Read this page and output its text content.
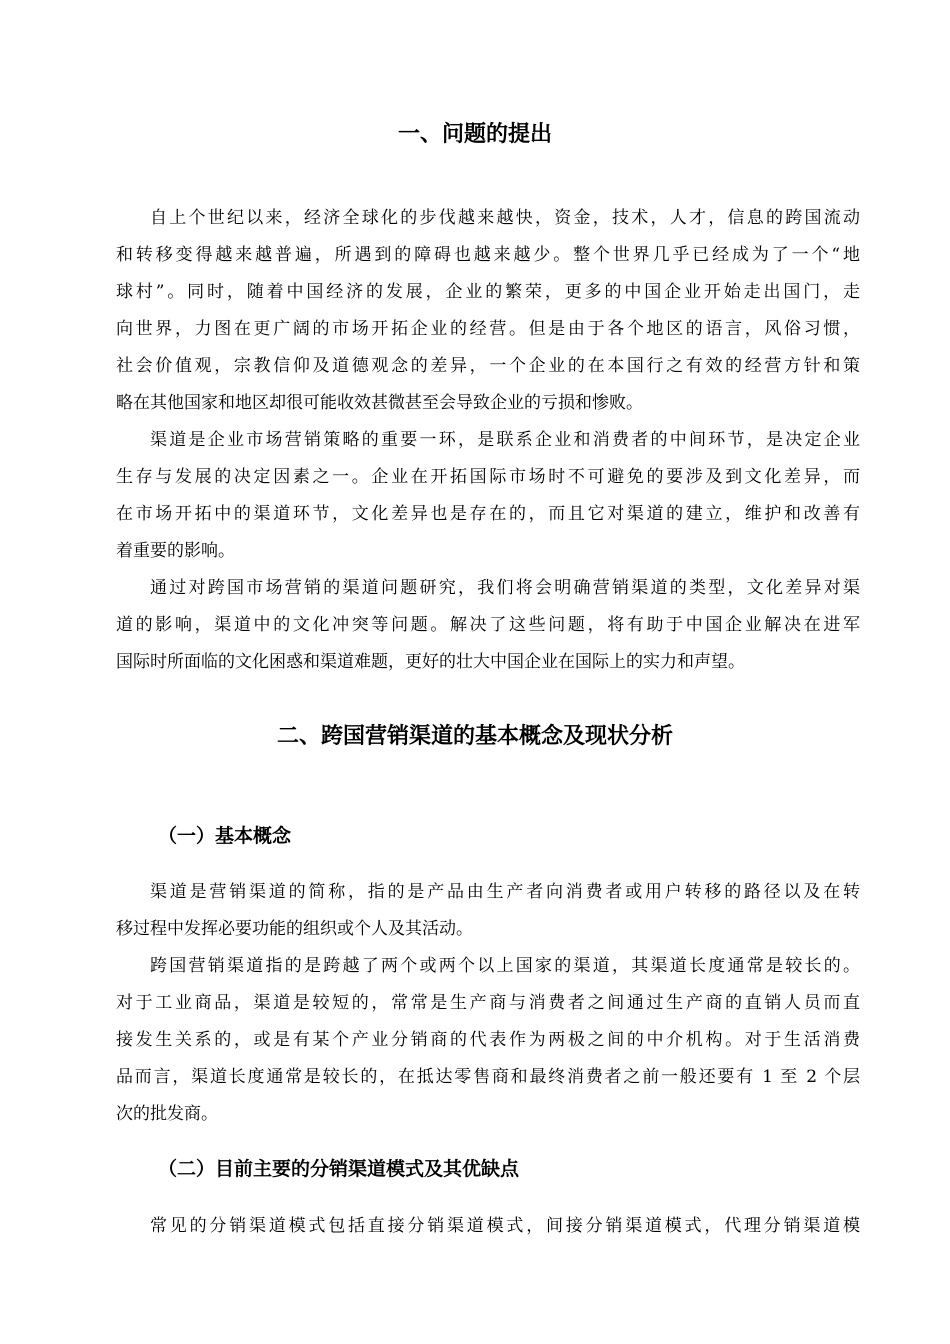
一、问题的提出
自上个世纪以来，经济全球化的步伐越来越快，资金，技术，人才，信息的跨国流动
和转移变得越来越普遍，所遇到的障碍也越来越少。整个世界几乎已经成为了一个“地
球村”。同时，随着中国经济的发展，企业的繁荣，更多的中国企业开始走出国门，走
向世界，力图在更广阔的市场开拓企业的经营。但是由于各个地区的语言，风俗习惯，
社会价值观，宗教信仰及道德观念的差异，一个企业的在本国行之有效的经营方针和策
略在其他国家和地区却很可能收效甚微甚至会导致企业的亏损和惨败。
渠道是企业市场营销策略的重要一环，是联系企业和消费者的中间环节，是决定企业
生存与发展的决定因素之一。企业在开拓国际市场时不可避免的要涉及到文化差异，而
在市场开拓中的渠道环节，文化差异也是存在的，而且它对渠道的建立，维护和改善有
着重要的影响。
通过对跨国市场营销的渠道问题研究，我们将会明确营销渠道的类型，文化差异对渠
道的影响，渠道中的文化冲突等问题。解决了这些问题，将有助于中国企业解决在进军
国际时所面临的文化困惑和渠道难题，更好的壮大中国企业在国际上的实力和声望。
二、跨国营销渠道的基本概念及现状分析
（一）基本概念
渠道是营销渠道的简称，指的是产品由生产者向消费者或用户转移的路径以及在转
移过程中发挥必要功能的组织或个人及其活动。
跨国营销渠道指的是跨越了两个或两个以上国家的渠道，其渠道长度通常是较长的。
对于工业商品，渠道是较短的，常常是生产商与消费者之间通过生产商的直销人员而直
接发生关系的，或是有某个产业分销商的代表作为两极之间的中介机构。对于生活消费
品而言，渠道长度通常是较长的，在抵达零售商和最终消费者之前一般还要有 1 至 2 个层
次的批发商。
（二）目前主要的分销渠道模式及其优缺点
常见的分销渠道模式包括直接分销渠道模式，间接分销渠道模式，代理分销渠道模
